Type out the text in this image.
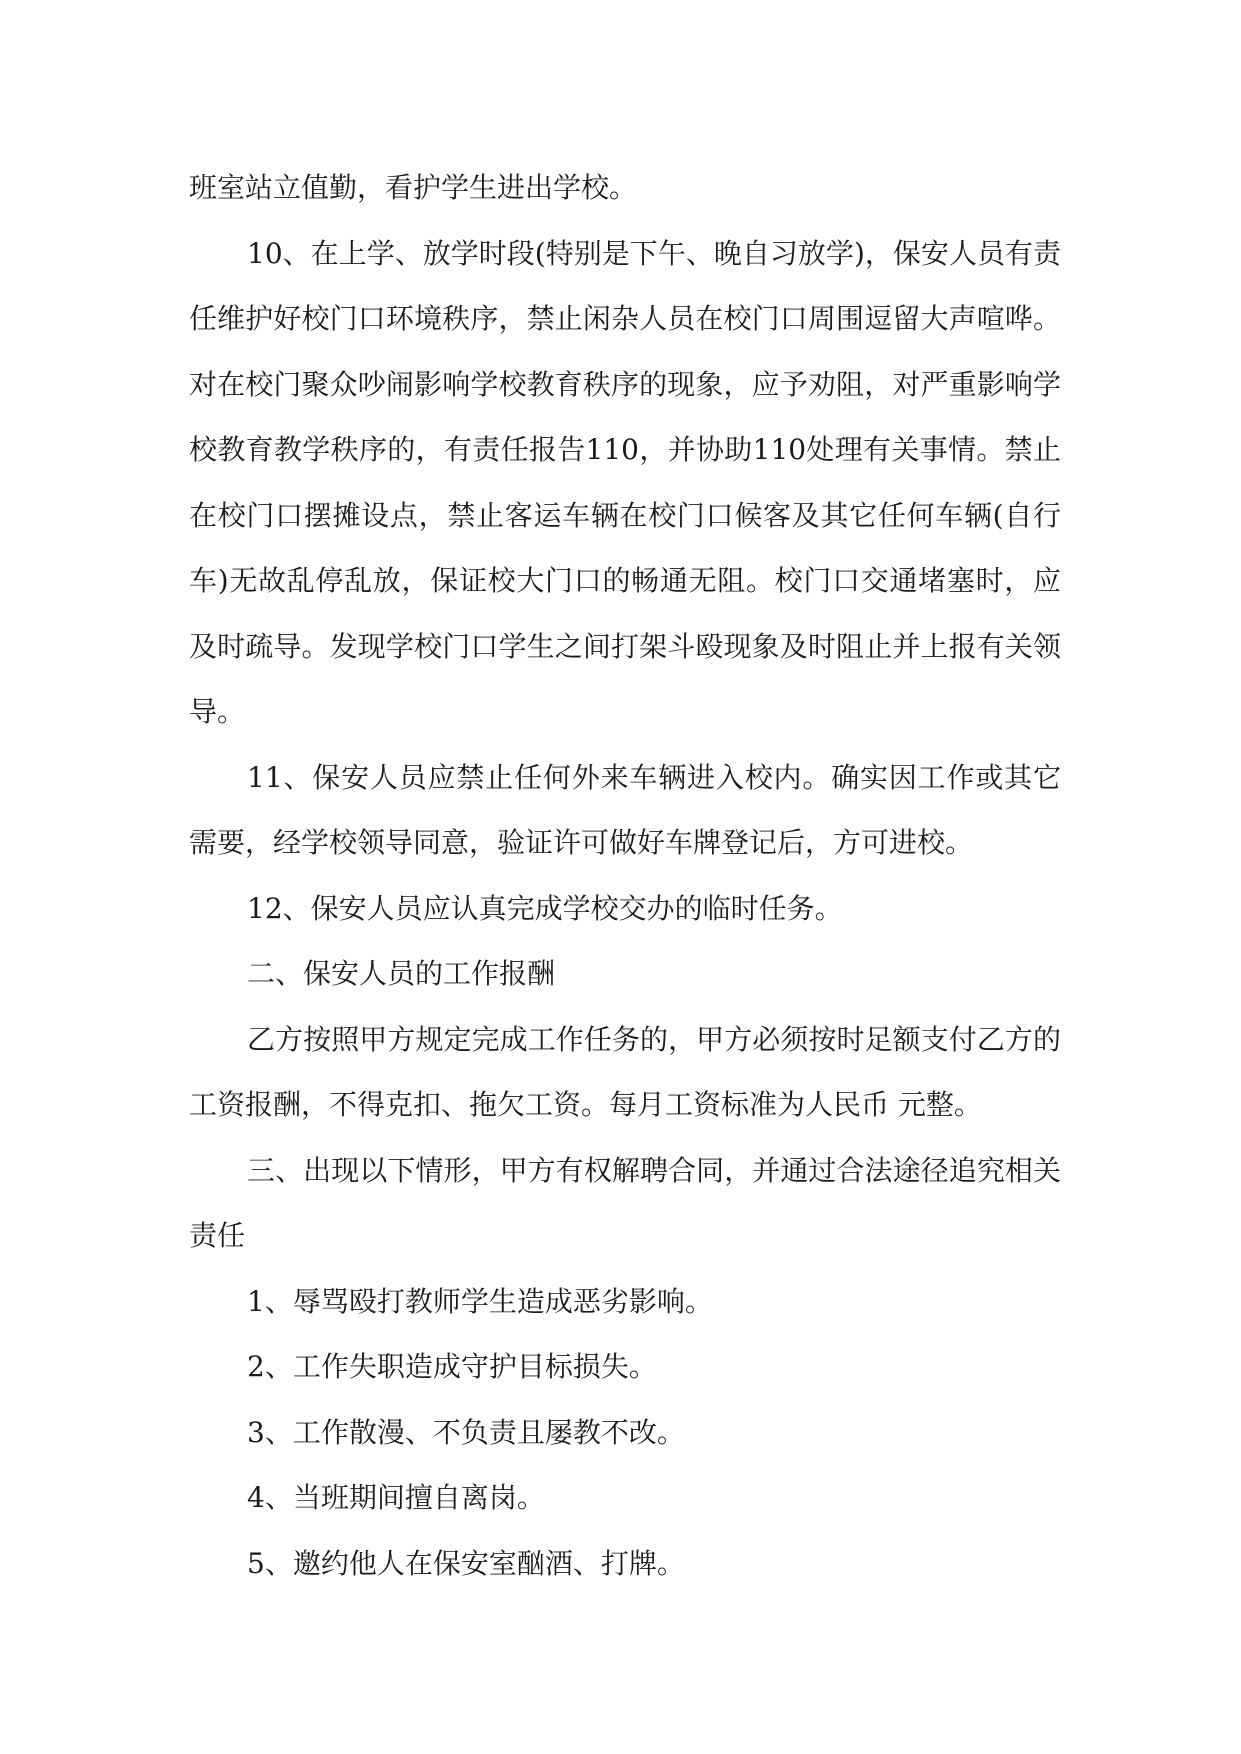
班室站立值勤，看护学生进出学校。

10、在上学、放学时段(特别是下午、晚自习放学)，保安人员有责任维护好校门口环境秩序，禁止闲杂人员在校门口周围逗留大声喧哗。对在校门聚众吵闹影响学校教育秩序的现象，应予劝阻，对严重影响学校教育教学秩序的，有责任报告110，并协助110处理有关事情。禁止在校门口摆摊设点，禁止客运车辆在校门口候客及其它任何车辆(自行车)无故乱停乱放，保证校大门口的畅通无阻。校门口交通堵塞时，应及时疏导。发现学校门口学生之间打架斗殴现象及时阻止并上报有关领导。

11、保安人员应禁止任何外来车辆进入校内。确实因工作或其它需要，经学校领导同意，验证许可做好车牌登记后，方可进校。

12、保安人员应认真完成学校交办的临时任务。

二、保安人员的工作报酬

乙方按照甲方规定完成工作任务的，甲方必须按时足额支付乙方的工资报酬，不得克扣、拖欠工资。每月工资标准为人民币 元整。

三、出现以下情形，甲方有权解聘合同，并通过合法途径追究相关责任

1、辱骂殴打教师学生造成恶劣影响。

2、工作失职造成守护目标损失。

3、工作散漫、不负责且屡教不改。

4、当班期间擅自离岗。

5、邀约他人在保安室酗酒、打牌。
